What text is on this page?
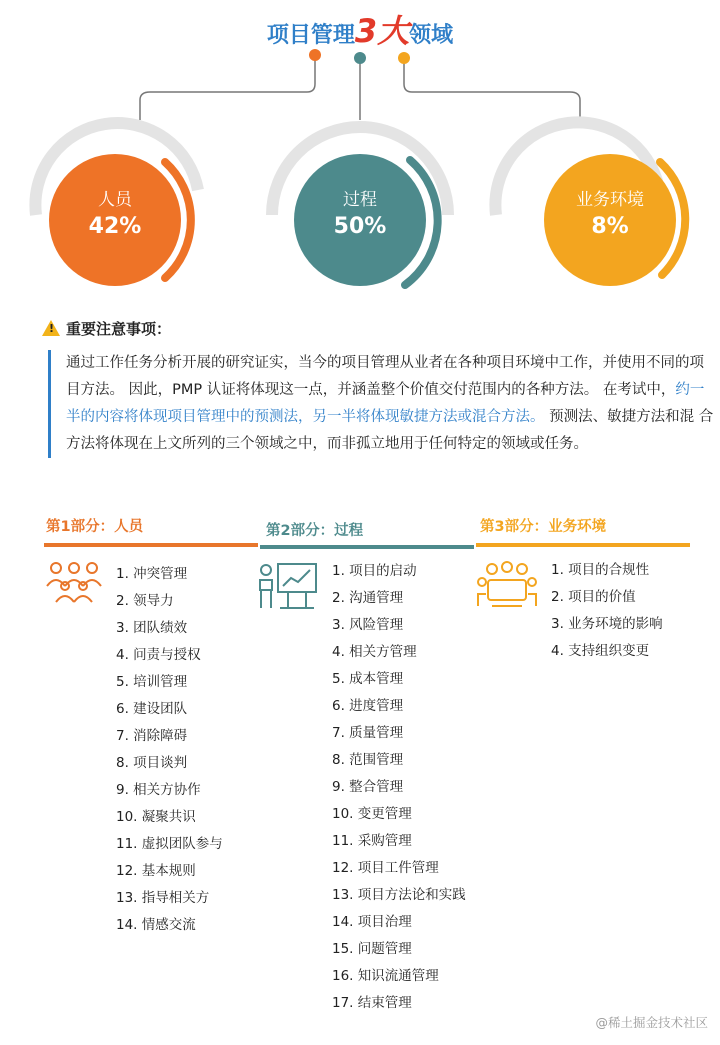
项目管理3大领域
人员
42%
过程
50%
业务环境
8%
!重要注意事项：
通过工作任务分析开展的研究证实，当今的项目管理从业者在各种项目环境中工作，并使用不同的项目方法。 因此，PMP 认证将体现这一点，并涵盖整个价值交付范围内的各种方法。 在考试中，约一半的内容将体现项目管理中的预测法，另一半将体现敏捷方法或混合方法。 预测法、敏捷方法和混 合方法将体现在上文所列的三个领域之中，而非孤立地用于任何特定的领域或任务。
第1部分：人员	第2部分：过程	第3部分：业务环境
1. 冲突管理
2. 领导力
3. 团队绩效
4. 问责与授权
5. 培训管理
6. 建设团队
7. 消除障碍
8. 项目谈判
9. 相关方协作
10. 凝聚共识
11. 虚拟团队参与
12. 基本规则
13. 指导相关方
14. 情感交流
1. 项目的启动
2. 沟通管理
3. 风险管理
4. 相关方管理
5. 成本管理
6. 进度管理
7. 质量管理
8. 范围管理
9. 整合管理
10. 变更管理
11. 采购管理
12. 项目工件管理
13. 项目方法论和实践
14. 项目治理
15. 问题管理
16. 知识流通管理
17. 结束管理
1. 项目的合规性
2. 项目的价值
3. 业务环境的影响
4. 支持组织变更
@稀土掘金技术社区
